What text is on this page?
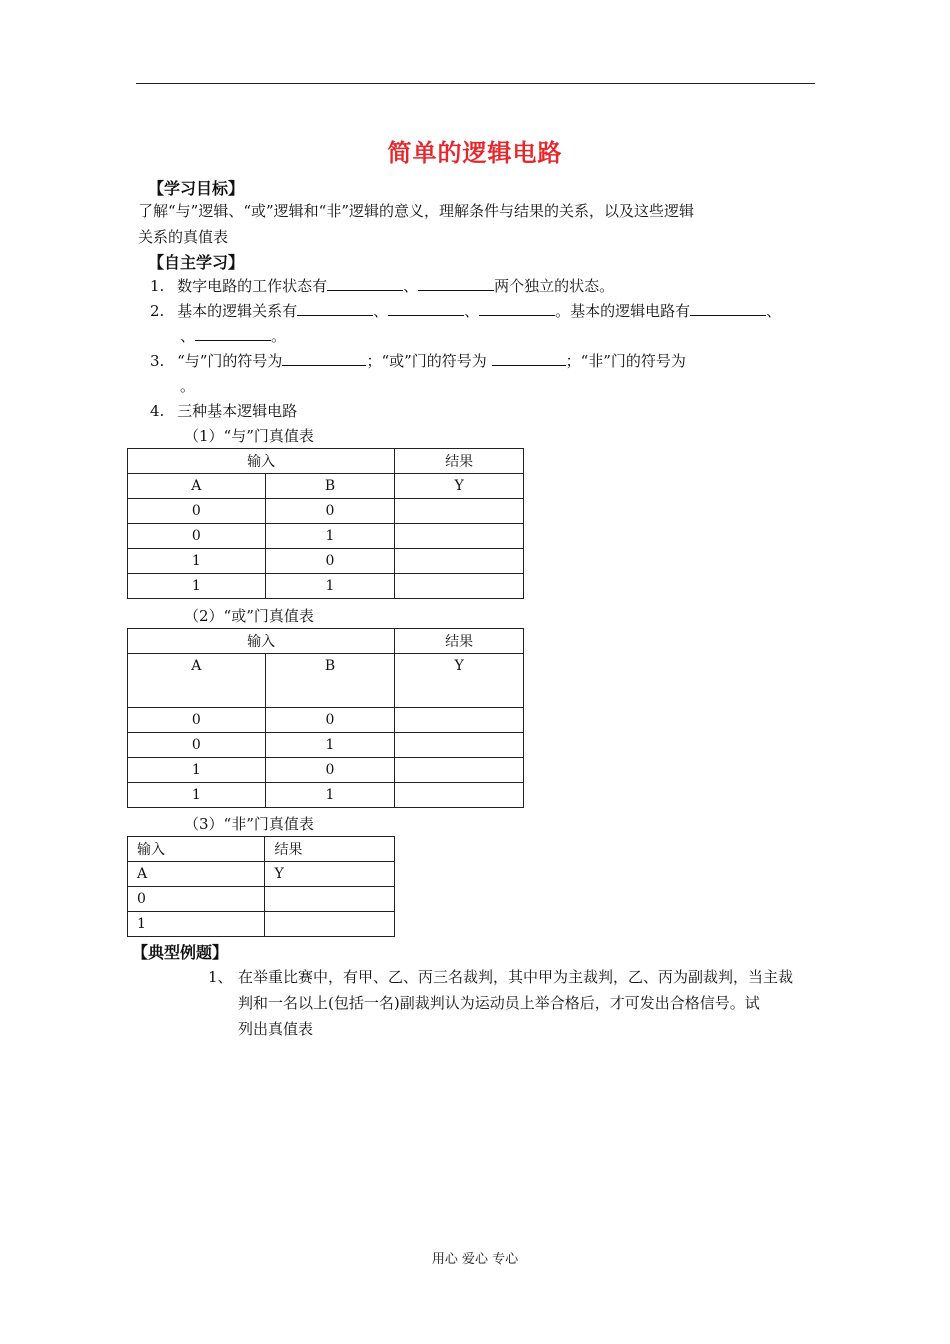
简单的逻辑电路
【学习目标】
了解“与”逻辑、“或”逻辑和“非”逻辑的意义，理解条件与结果的关系，以及这些逻辑
关系的真值表
【自主学习】
1. 数字电路的工作状态有	、	两个独立的状态。
2. 基本的逻辑关系有	、	、	。基本的逻辑电路有	、
、	。
3. “与”门的符号为	；“或”门的符号为	；“非”门的符号为
。
4. 三种基本逻辑电路
（1）“与”门真值表
输入		结果
A	B	Y
0	0	
0	1	
1	0	
1	1	
（2）“或”门真值表
输入		结果
A	B	Y
0	0	
0	1	
1	0	
1	1	
（3）“非”门真值表
输入	结果
A	Y
0	
1	
【典型例题】
1、 在举重比赛中，有甲、乙、丙三名裁判，其中甲为主裁判，乙、丙为副裁判，当主裁
判和一名以上(包括一名)副裁判认为运动员上举合格后，才可发出合格信号。试
列出真值表
用心 爱心 专心
